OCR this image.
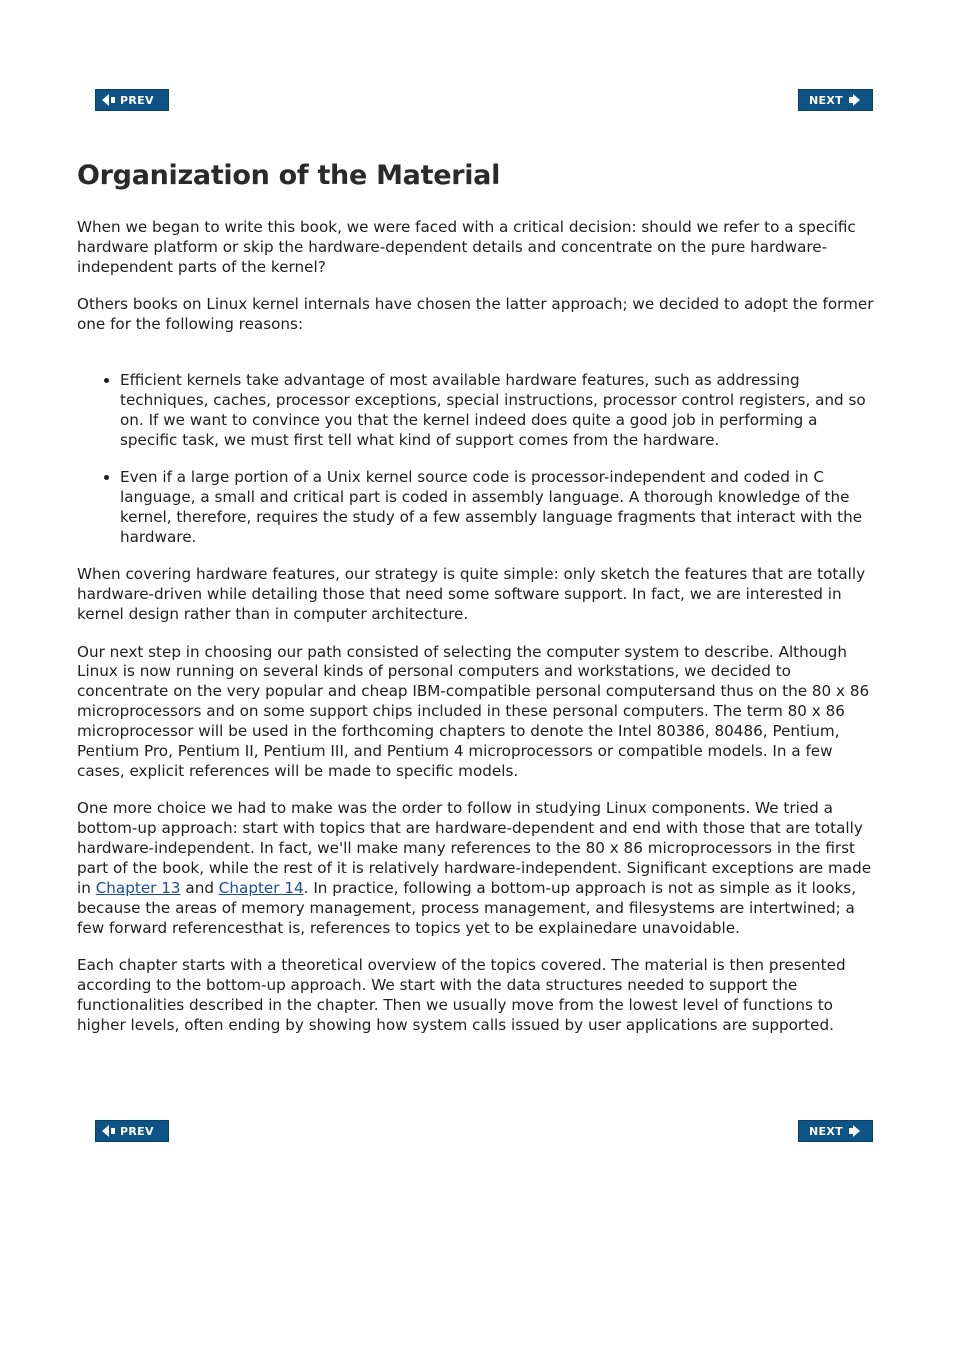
PREV	NEXT
Organization of the Material

When we began to write this book, we were faced with a critical decision: should we refer to a specific hardware platform or skip the hardware-dependent details and concentrate on the pure hardware-independent parts of the kernel?

Others books on Linux kernel internals have chosen the latter approach; we decided to adopt the former one for the following reasons:

• Efficient kernels take advantage of most available hardware features, such as addressing techniques, caches, processor exceptions, special instructions, processor control registers, and so on. If we want to convince you that the kernel indeed does quite a good job in performing a specific task, we must first tell what kind of support comes from the hardware.
• Even if a large portion of a Unix kernel source code is processor-independent and coded in C language, a small and critical part is coded in assembly language. A thorough knowledge of the kernel, therefore, requires the study of a few assembly language fragments that interact with the hardware.

When covering hardware features, our strategy is quite simple: only sketch the features that are totally hardware-driven while detailing those that need some software support. In fact, we are interested in kernel design rather than in computer architecture.

Our next step in choosing our path consisted of selecting the computer system to describe. Although Linux is now running on several kinds of personal computers and workstations, we decided to concentrate on the very popular and cheap IBM-compatible personal computersand thus on the 80 x 86 microprocessors and on some support chips included in these personal computers. The term 80 x 86 microprocessor will be used in the forthcoming chapters to denote the Intel 80386, 80486, Pentium, Pentium Pro, Pentium II, Pentium III, and Pentium 4 microprocessors or compatible models. In a few cases, explicit references will be made to specific models.

One more choice we had to make was the order to follow in studying Linux components. We tried a bottom-up approach: start with topics that are hardware-dependent and end with those that are totally hardware-independent. In fact, we'll make many references to the 80 x 86 microprocessors in the first part of the book, while the rest of it is relatively hardware-independent. Significant exceptions are made in Chapter 13 and Chapter 14. In practice, following a bottom-up approach is not as simple as it looks, because the areas of memory management, process management, and filesystems are intertwined; a few forward referencesthat is, references to topics yet to be explainedare unavoidable.

Each chapter starts with a theoretical overview of the topics covered. The material is then presented according to the bottom-up approach. We start with the data structures needed to support the functionalities described in the chapter. Then we usually move from the lowest level of functions to higher levels, often ending by showing how system calls issued by user applications are supported.

PREV	NEXT
